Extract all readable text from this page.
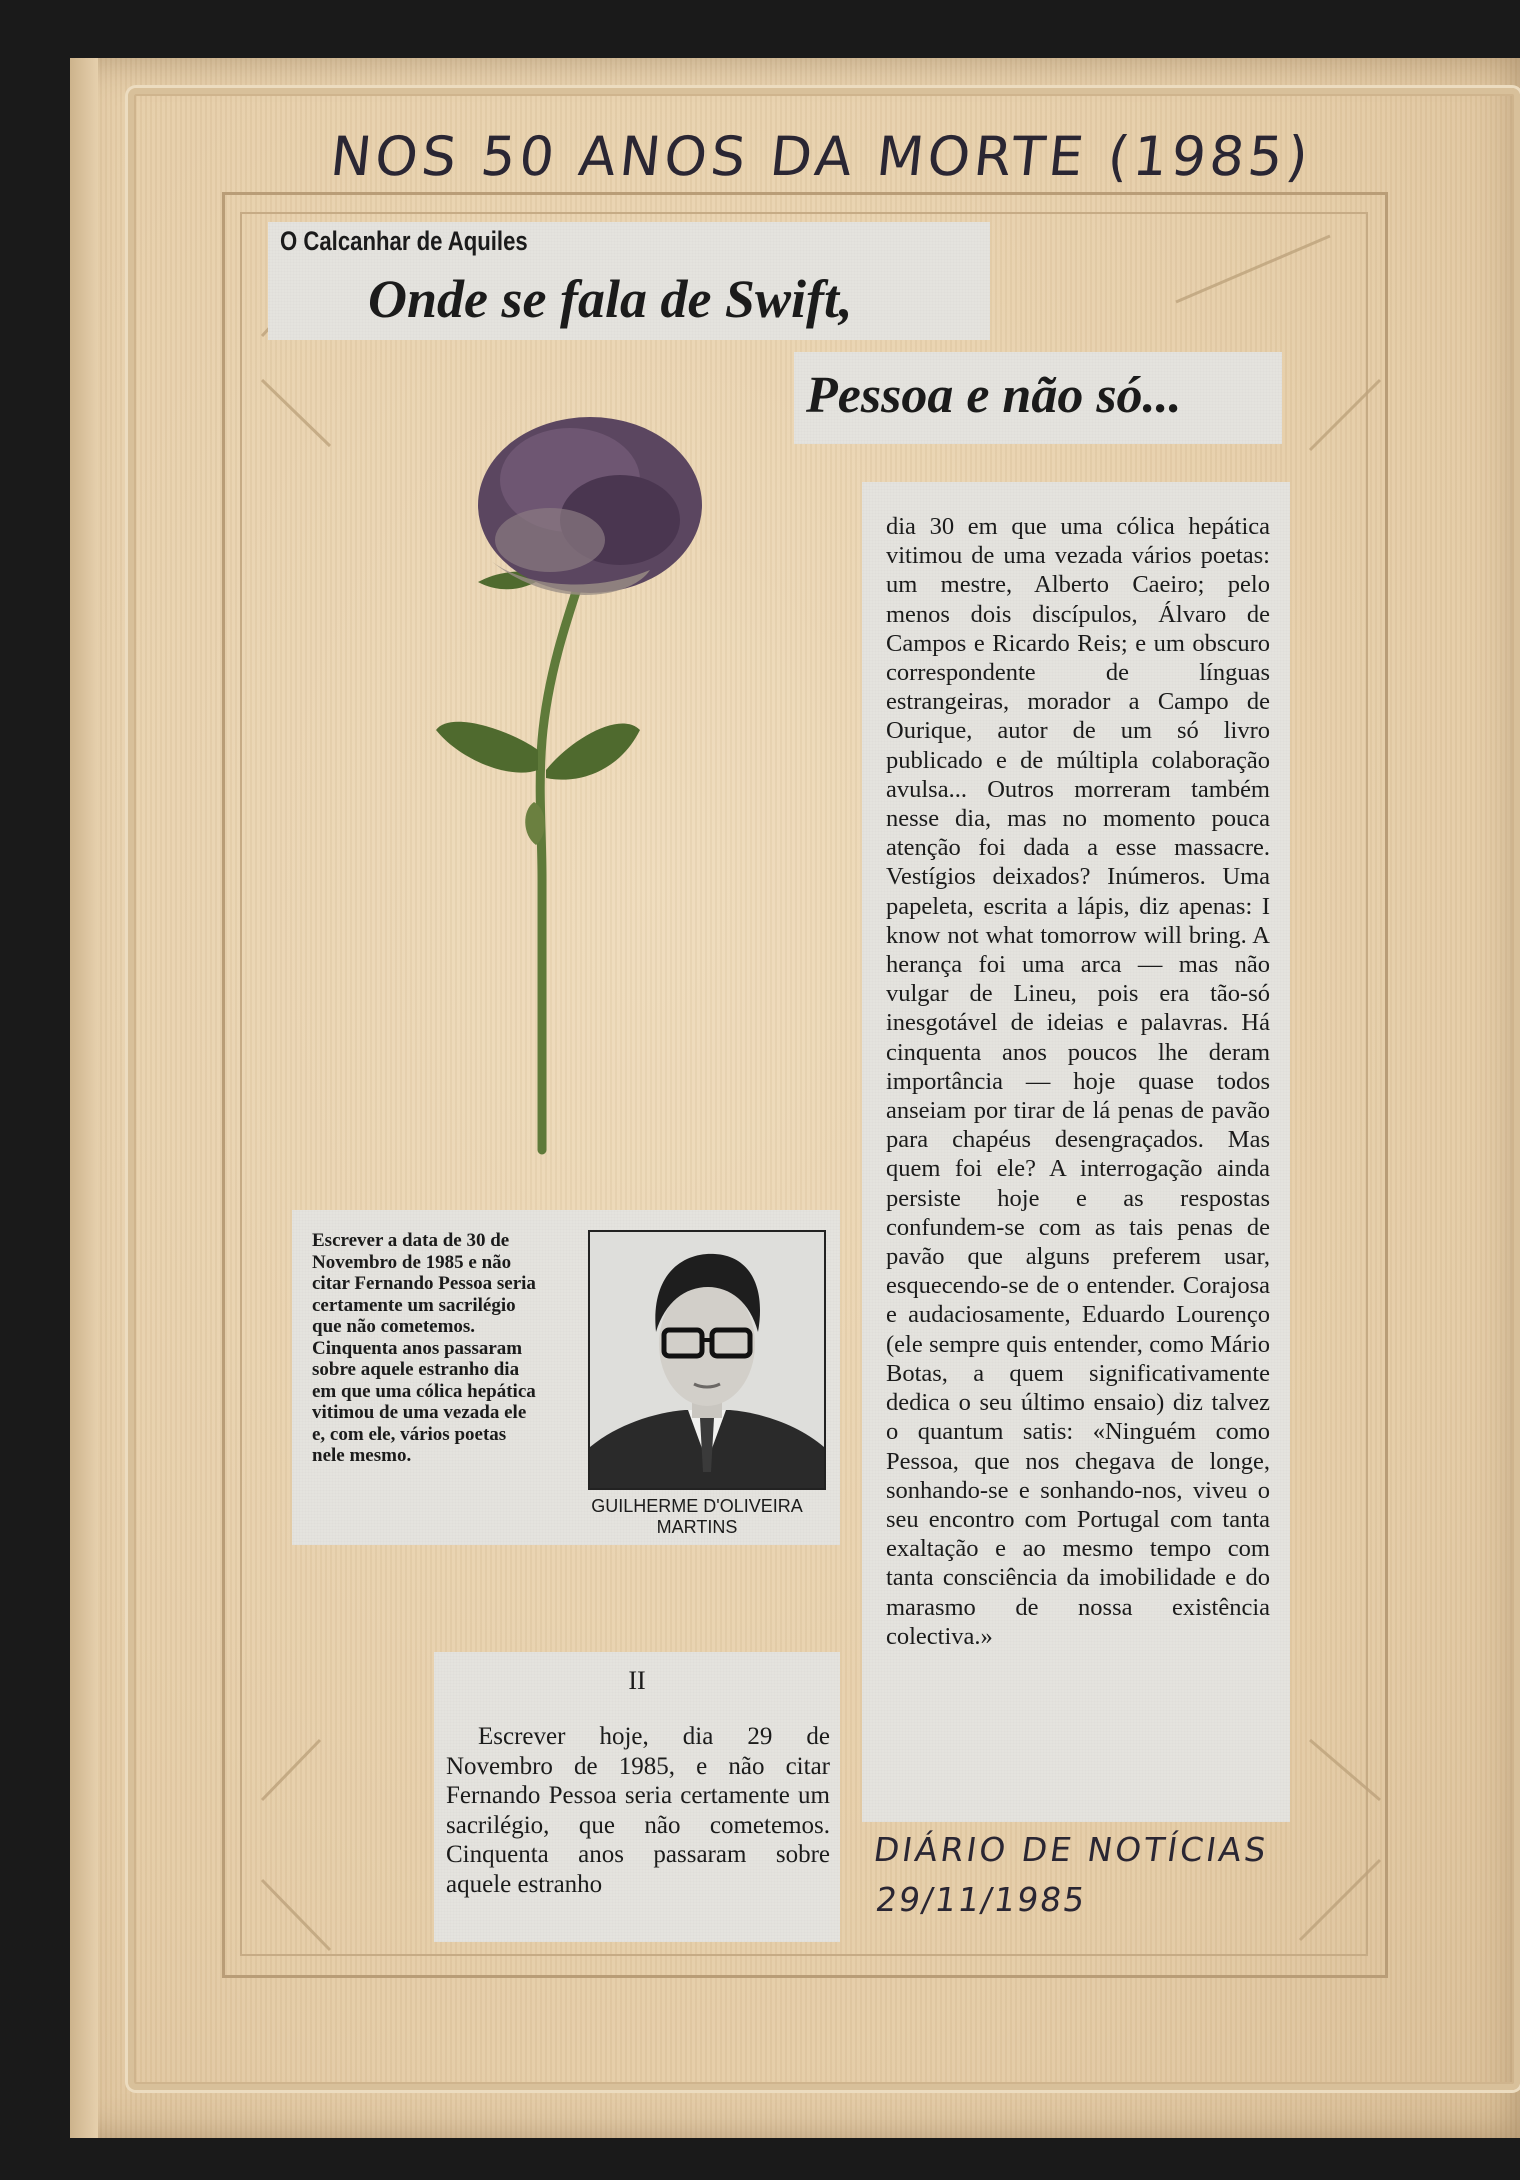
NOS 50 ANOS DA MORTE (1985)
O Calcanhar de Aquiles
Onde se fala de Swift,
Pessoa e não só...

dia 30 em que uma cólica hepática vitimou de uma vezada vários poetas: um mestre, Alberto Caeiro; pelo menos dois discípulos, Álvaro de Campos e Ricardo Reis; e um obscuro correspondente de línguas estrangeiras, morador a Campo de Ourique, autor de um só livro publicado e de múltipla colaboração avulsa... Outros morreram também nesse dia, mas no momento pouca atenção foi dada a esse massacre. Vestígios deixados? Inúmeros. Uma papeleta, escrita a lápis, diz apenas: I know not what tomorrow will bring. A herança foi uma arca — mas não vulgar de Lineu, pois era tão-só inesgotável de ideias e palavras. Há cinquenta anos poucos lhe deram importância — hoje quase todos anseiam por tirar de lá penas de pavão para chapéus desengraçados. Mas quem foi ele? A interrogação ainda persiste hoje e as respostas confundem-se com as tais penas de pavão que alguns preferem usar, esquecendo-se de o entender. Corajosa e audaciosamente, Eduardo Lourenço (ele sempre quis entender, como Mário Botas, a quem significativamente dedica o seu último ensaio) diz talvez o quantum satis: «Ninguém como Pessoa, que nos chegava de longe, sonhando-se e sonhando-nos, viveu o seu encontro com Portugal com tanta exaltação e ao mesmo tempo com tanta consciência da imobilidade e do marasmo de nossa existência colectiva.»

Escrever a data de 30 de Novembro de 1985 e não citar Fernando Pessoa seria certamente um sacrilégio que não cometemos. Cinquenta anos passaram sobre aquele estranho dia em que uma cólica hepática vitimou de uma vezada ele e, com ele, vários poetas nele mesmo.

GUILHERME D'OLIVEIRA MARTINS
II

Escrever hoje, dia 29 de Novembro de 1985, e não citar Fernando Pessoa seria certamente um sacrilégio, que não cometemos. Cinquenta anos passaram sobre aquele estranho

DIÁRIO DE NOTÍCIAS
29/11/1985
